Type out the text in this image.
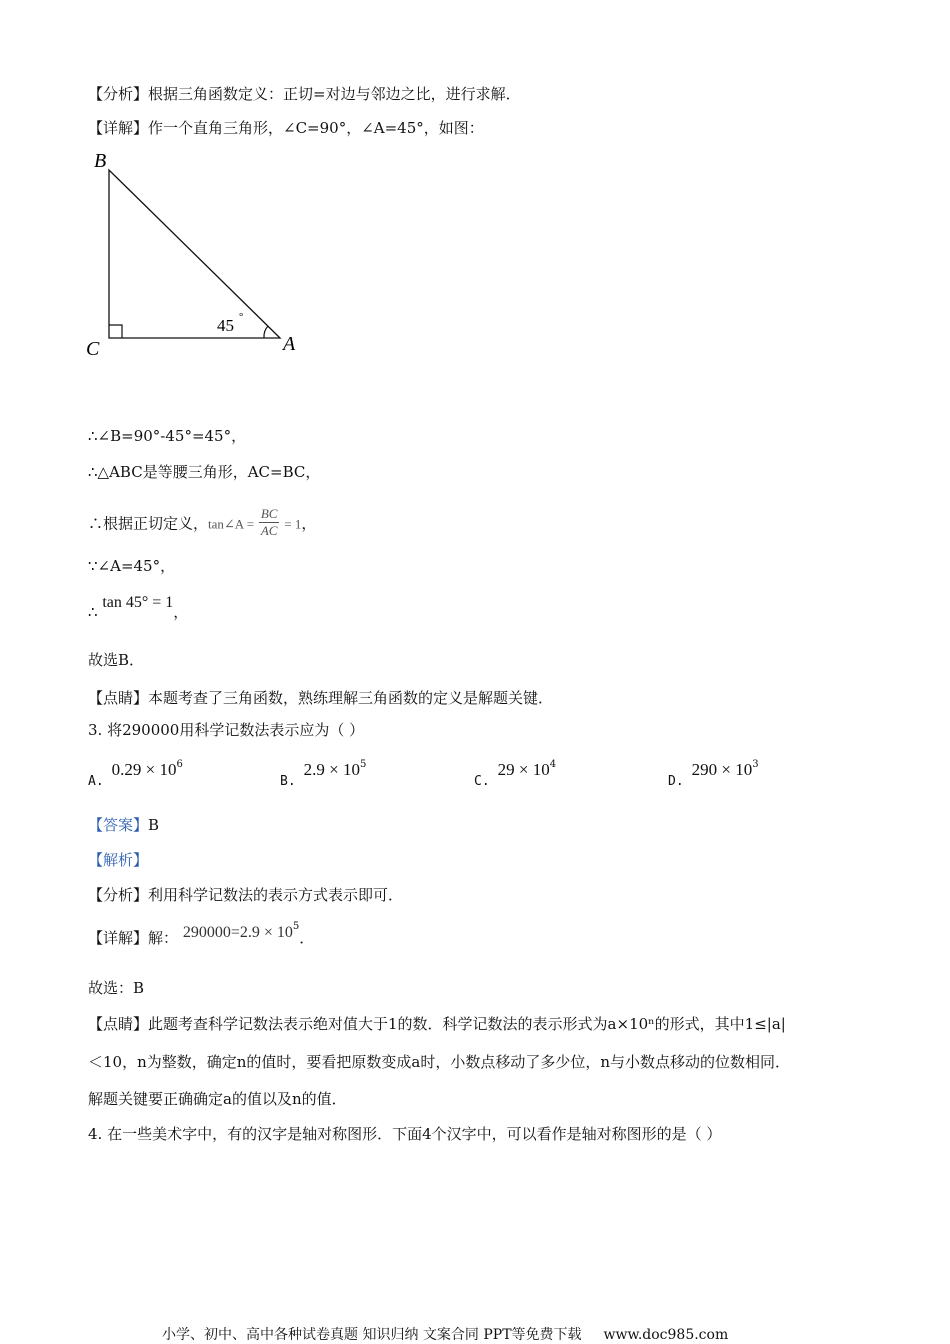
【分析】根据三角函数定义：正切=对边与邻边之比，进行求解．
【详解】作一个直角三角形，∠C=90°，∠A=45°，如图：
B
C	A
45 °
∴∠B=90°-45°=45°，
∴△ABC是等腰三角形，AC=BC，
∴根据正切定义，tan∠A = $\frac{BC}{AC} = 1$，
∵∠A=45°，
∴ tan 45° = 1，
故选B．
【点睛】本题考查了三角函数，熟练理解三角函数的定义是解题关键．
3. 将290000用科学记数法表示应为（ ）
$A.0.29 \times 10^6$
$B.2.9 \times 10^5$
$C.29 \times 10^4$
$D.290 \times 10^3$
【答案】B
【解析】
【分析】利用科学记数法的表示方式表示即可．
【详解】解： $290000=2.9 \times 10^5$．
故选：B
【点睛】此题考查科学记数法表示绝对值大于1的数．科学记数法的表示形式为a×10ⁿ的形式，其中1≤|a|
＜10，n为整数，确定n的值时，要看把原数变成a时，小数点移动了多少位，n与小数点移动的位数相同．
解题关键要正确确定a的值以及n的值．
4. 在一些美术字中，有的汉字是轴对称图形．下面4个汉字中，可以看作是轴对称图形的是（ ）
小学、初中、高中各种试卷真题 知识归纳 文案合同 PPT等免费下载 www.doc985.com
